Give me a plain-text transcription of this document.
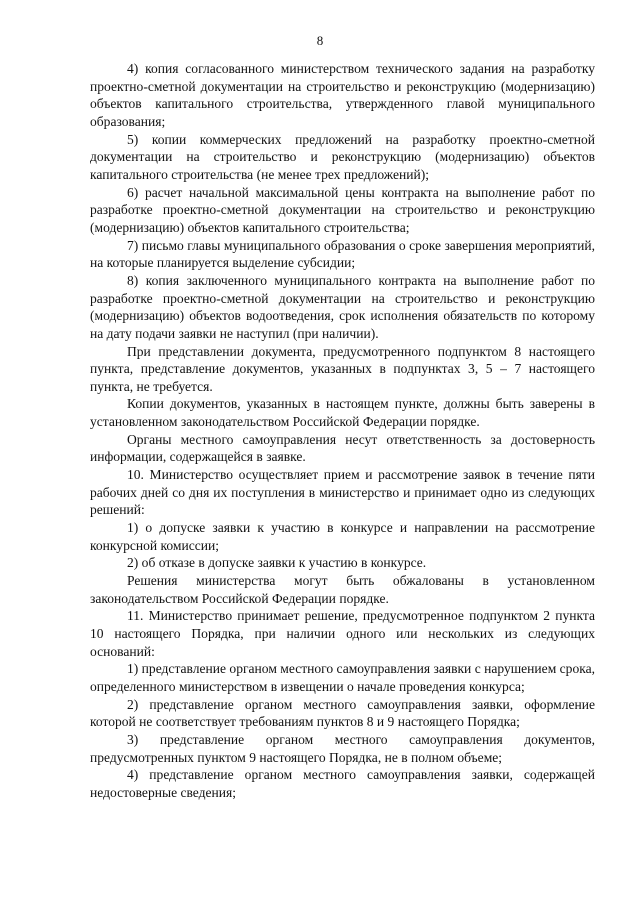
8

4) копия согласованного министерством технического задания на разработку проектно-сметной документации на строительство и реконструкцию (модернизацию) объектов капитального строительства, утвержденного главой муниципального образования;

5) копии коммерческих предложений на разработку проектно-сметной документации на строительство и реконструкцию (модернизацию) объектов капитального строительства (не менее трех предложений);

6) расчет начальной максимальной цены контракта на выполнение работ по разработке проектно-сметной документации на строительство и реконструкцию (модернизацию) объектов капитального строительства;

7) письмо главы муниципального образования о сроке завершения мероприятий, на которые планируется выделение субсидии;

8) копия заключенного муниципального контракта на выполнение работ по разработке проектно-сметной документации на строительство и реконструкцию (модернизацию) объектов водоотведения, срок исполнения обязательств по которому на дату подачи заявки не наступил (при наличии).

При представлении документа, предусмотренного подпунктом 8 настоящего пункта, представление документов, указанных в подпунктах 3, 5 – 7 настоящего пункта, не требуется.

Копии документов, указанных в настоящем пункте, должны быть заверены в установленном законодательством Российской Федерации порядке.

Органы местного самоуправления несут ответственность за достоверность информации, содержащейся в заявке.

10. Министерство осуществляет прием и рассмотрение заявок в течение пяти рабочих дней со дня их поступления в министерство и принимает одно из следующих решений:

1) о допуске заявки к участию в конкурсе и направлении на рассмотрение конкурсной комиссии;

2) об отказе в допуске заявки к участию в конкурсе.

Решения министерства могут быть обжалованы в установленном законодательством Российской Федерации порядке.

11. Министерство принимает решение, предусмотренное подпунктом 2 пункта 10 настоящего Порядка, при наличии одного или нескольких из следующих оснований:

1) представление органом местного самоуправления заявки с нарушением срока, определенного министерством в извещении о начале проведения конкурса;

2) представление органом местного самоуправления заявки, оформление которой не соответствует требованиям пунктов 8 и 9 настоящего Порядка;

3) представление органом местного самоуправления документов, предусмотренных пунктом 9 настоящего Порядка, не в полном объеме;

4) представление органом местного самоуправления заявки, содержащей недостоверные сведения;
